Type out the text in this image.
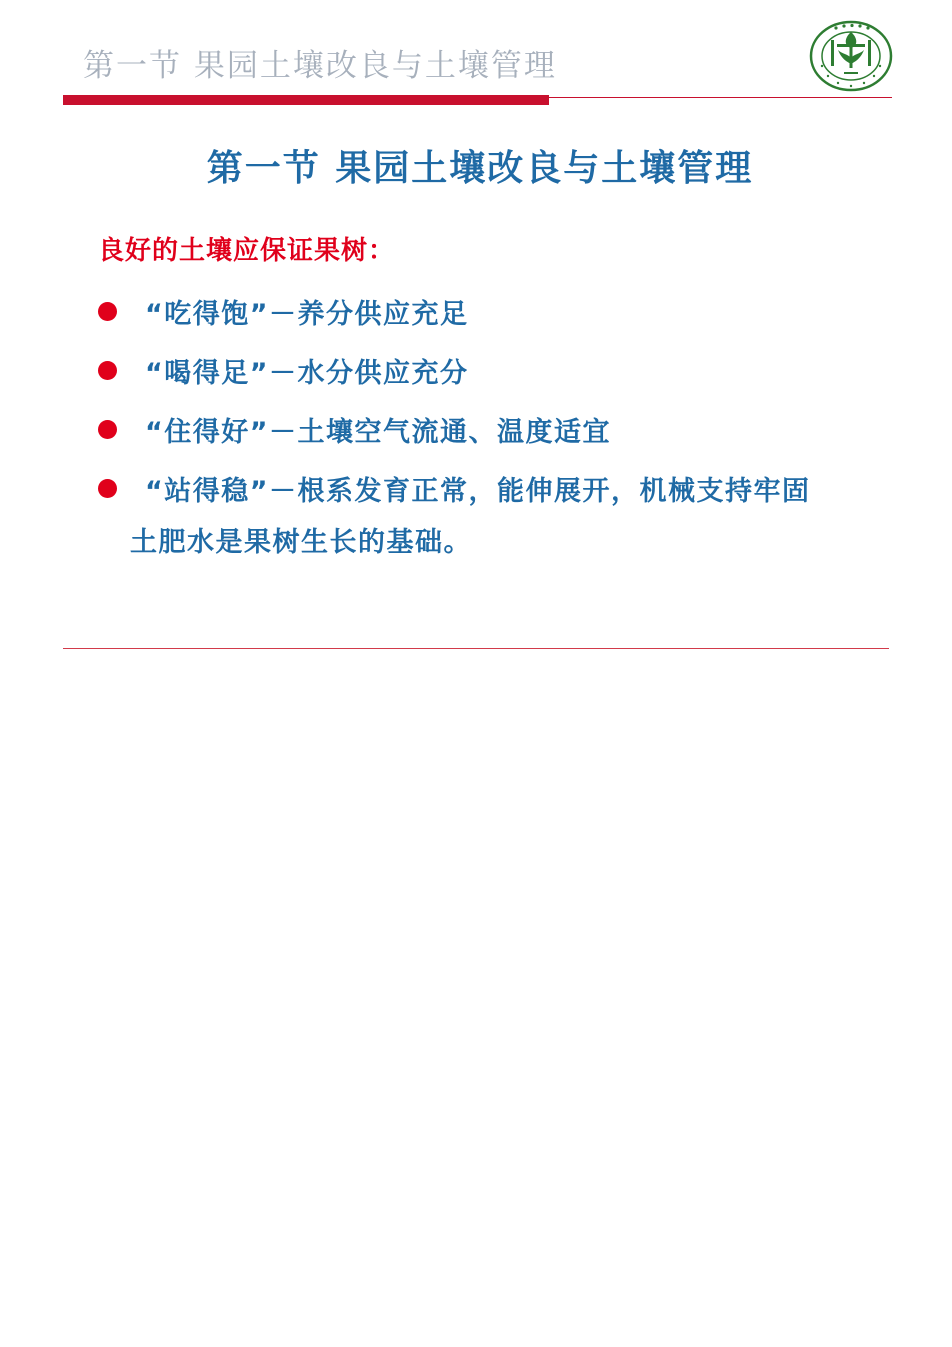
第一节 果园土壤改良与土壤管理
第一节 果园土壤改良与土壤管理
良好的土壤应保证果树：
“吃得饱”－养分供应充足
“喝得足”－水分供应充分
“住得好”－土壤空气流通、温度适宜
“站得稳”－根系发育正常，能伸展开，机械支持牢固
土肥水是果树生长的基础。
